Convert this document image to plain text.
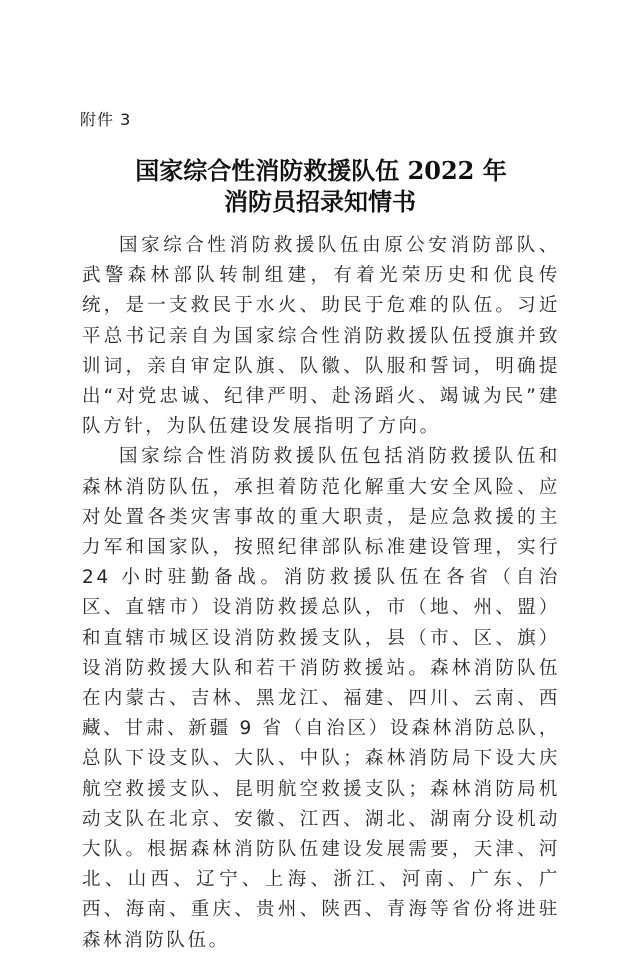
附件 3
国家综合性消防救援队伍 2022 年
消防员招录知情书

国家综合性消防救援队伍由原公安消防部队、武警森林部队转制组建，有着光荣历史和优良传统，是一支救民于水火、助民于危难的队伍。习近平总书记亲自为国家综合性消防救援队伍授旗并致训词，亲自审定队旗、队徽、队服和誓词，明确提出“对党忠诚、纪律严明、赴汤蹈火、竭诚为民”建队方针，为队伍建设发展指明了方向。

国家综合性消防救援队伍包括消防救援队伍和森林消防队伍，承担着防范化解重大安全风险、应对处置各类灾害事故的重大职责，是应急救援的主力军和国家队，按照纪律部队标准建设管理，实行 24 小时驻勤备战。消防救援队伍在各省（自治区、直辖市）设消防救援总队，市（地、州、盟）和直辖市城区设消防救援支队，县（市、区、旗）设消防救援大队和若干消防救援站。森林消防队伍在内蒙古、吉林、黑龙江、福建、四川、云南、西藏、甘肃、新疆 9 省（自治区）设森林消防总队，总队下设支队、大队、中队；森林消防局下设大庆航空救援支队、昆明航空救援支队；森林消防局机动支队在北京、安徽、江西、湖北、湖南分设机动大队。根据森林消防队伍建设发展需要，天津、河北、山西、辽宁、上海、浙江、河南、广东、广西、海南、重庆、贵州、陕西、青海等省份将进驻森林消防队伍。
